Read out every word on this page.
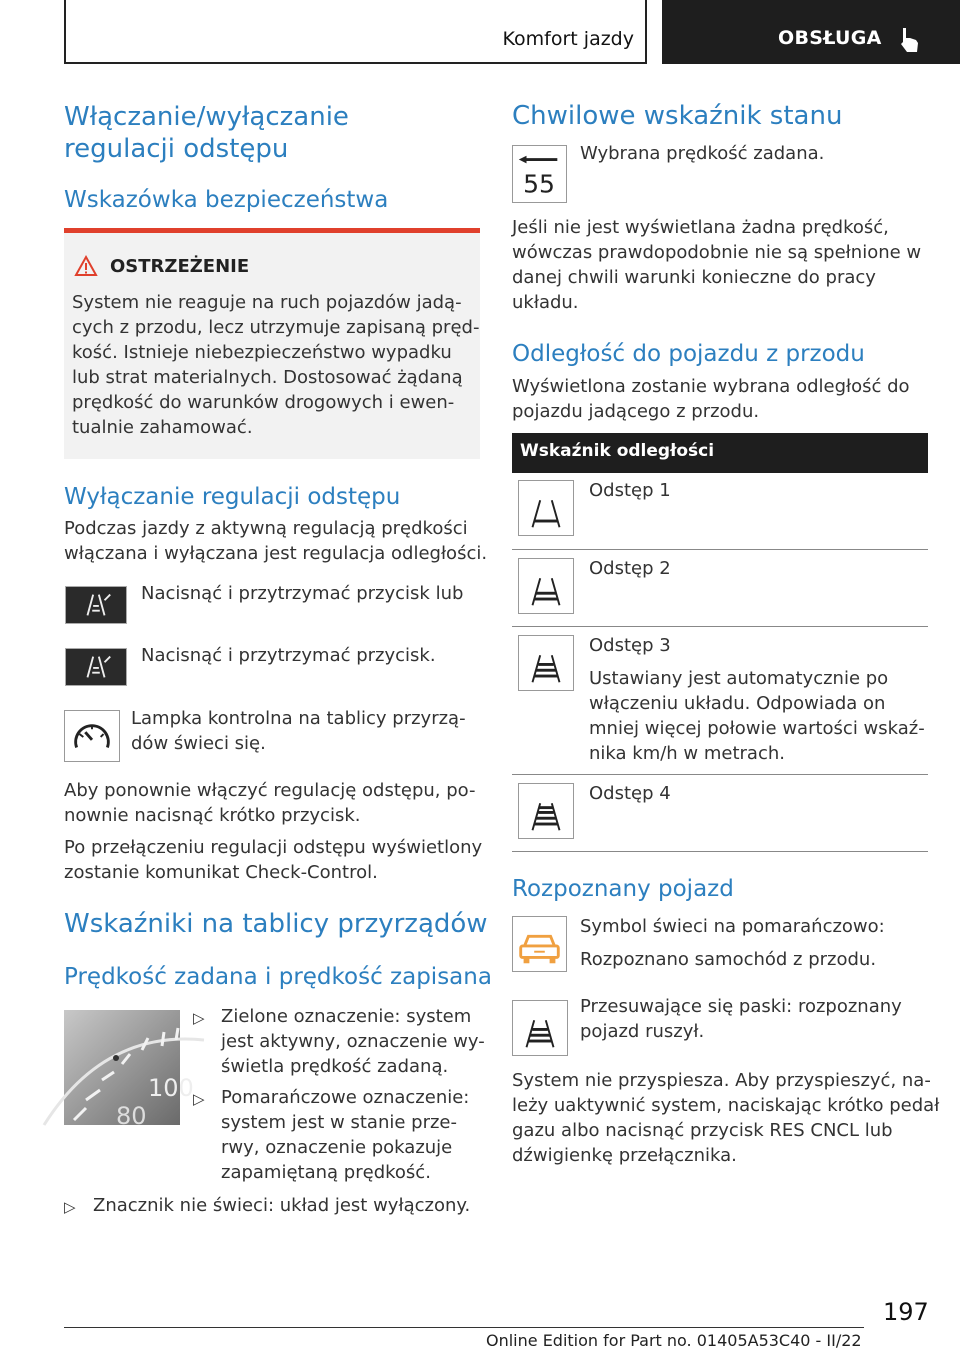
Komfort jazdy	OBSŁUGA
Włączanie/wyłączanie regulacji odstępu
Wskazówka bezpieczeństwa
OSTRZEŻENIE
System nie reaguje na ruch pojazdów jadą-
cych z przodu, lecz utrzymuje zapisaną pręd-
kość. Istnieje niebezpieczeństwo wypadku
lub strat materialnych. Dostosować żądaną
prędkość do warunków drogowych i ewen-
tualnie zahamować.
Wyłączanie regulacji odstępu
Podczas jazdy z aktywną regulacją prędkości
włączana i wyłączana jest regulacja odległości.
Nacisnąć i przytrzymać przycisk lub
Nacisnąć i przytrzymać przycisk.
Lampka kontrolna na tablicy przyrzą-
dów świeci się.
Aby ponownie włączyć regulację odstępu, po-
nownie nacisnąć krótko przycisk.
Po przełączeniu regulacji odstępu wyświetlony
zostanie komunikat Check-Control.
Wskaźniki na tablicy przyrządów
Prędkość zadana i prędkość zapisana
100
80
▷ Zielone oznaczenie: system
jest aktywny, oznaczenie wy-
świetla prędkość zadaną.
▷ Pomarańczowe oznaczenie:
system jest w stanie prze-
rwy, oznaczenie pokazuje
zapamiętaną prędkość.
▷ Znacznik nie świeci: układ jest wyłączony.
Chwilowe wskaźnik stanu
55
Wybrana prędkość zadana.
Jeśli nie jest wyświetlana żadna prędkość,
wówczas prawdopodobnie nie są spełnione w
danej chwili warunki konieczne do pracy
układu.
Odległość do pojazdu z przodu
Wyświetlona zostanie wybrana odległość do
pojazdu jadącego z przodu.
Wskaźnik odległości
Odstęp 1
Odstęp 2
Odstęp 3
Ustawiany jest automatycznie po
włączeniu układu. Odpowiada on
mniej więcej połowie wartości wskaź-
nika km/h w metrach.
Odstęp 4
Rozpoznany pojazd
Symbol świeci na pomarańczowo:
Rozpoznano samochód z przodu.
Przesuwające się paski: rozpoznany
pojazd ruszył.
System nie przyspiesza. Aby przyspieszyć, na-
leży uaktywnić system, naciskając krótko pedał
gazu albo nacisnąć przycisk RES CNCL lub
dźwigienkę przełącznika.
197
Online Edition for Part no. 01405A53C40 - II/22
